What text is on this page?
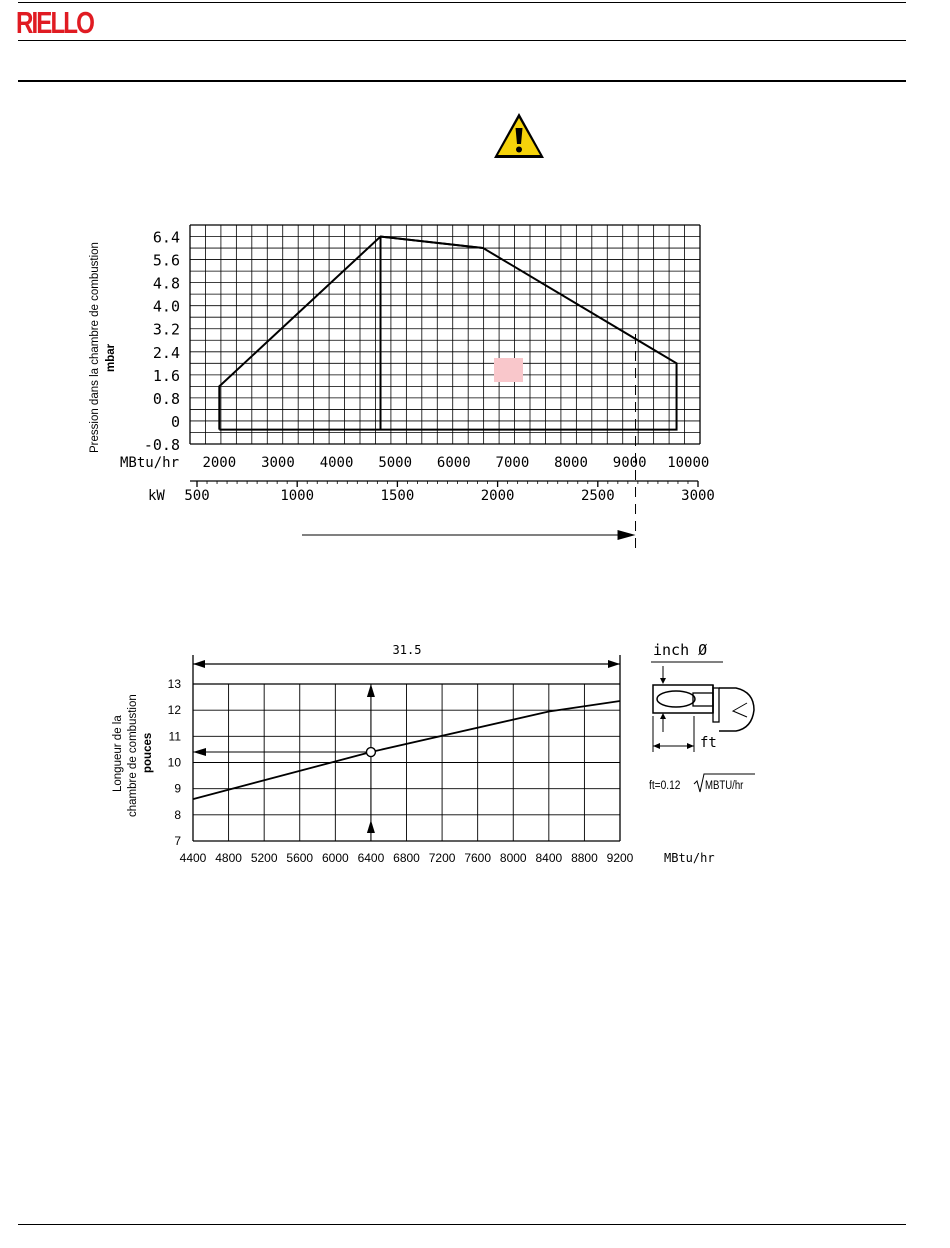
RIELLO
6.4
5.6
4.8
4.0
3.2
2.4
1.6
0.8
0
-0.8
2000 3000 4000 5000 6000 7000 8000 9000 10000
500	1000	1500	2000	2500	3000
MBtu/hr
kW
Pression dans la chambre de combustion mbar
13
12
11
10
9
8
7
4400 4800 5200 5600 6000 6400 6800 7200 7600 8000 8400 8800 9200
31.5
MBtu/hr
Longueur de la chambre de combustion pouces
inch Ø
ft
ft=0.12 MBTU/hr
